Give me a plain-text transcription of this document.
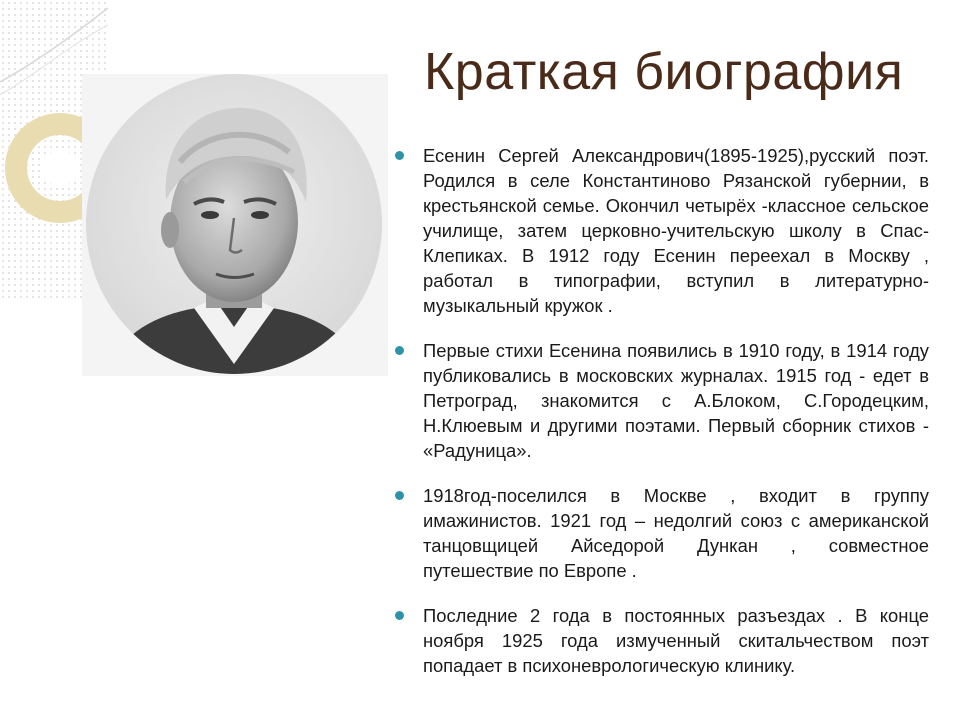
Краткая биография
Есенин Сергей Александрович(1895-1925),русский поэт. Родился в селе Константиново Рязанской губернии, в крестьянской семье. Окончил четырёх -классное сельское училище, затем церковно-учительскую школу в Спас-Клепиках. В 1912 году Есенин переехал в Москву , работал в типографии, вступил в литературно-музыкальный кружок .
Первые стихи Есенина появились в 1910 году, в 1914 году публиковались в московских журналах. 1915 год - едет в Петроград, знакомится с А.Блоком, С.Городецким, Н.Клюевым и другими поэтами. Первый сборник стихов - «Радуница».
1918год-поселился в Москве , входит в группу имажинистов. 1921 год – недолгий союз с американской танцовщицей Айседорой Дункан , совместное путешествие по Европе .
Последние 2 года в постоянных разъездах . В конце ноября 1925 года измученный скитальчеством поэт попадает в психоневрологическую клинику.
